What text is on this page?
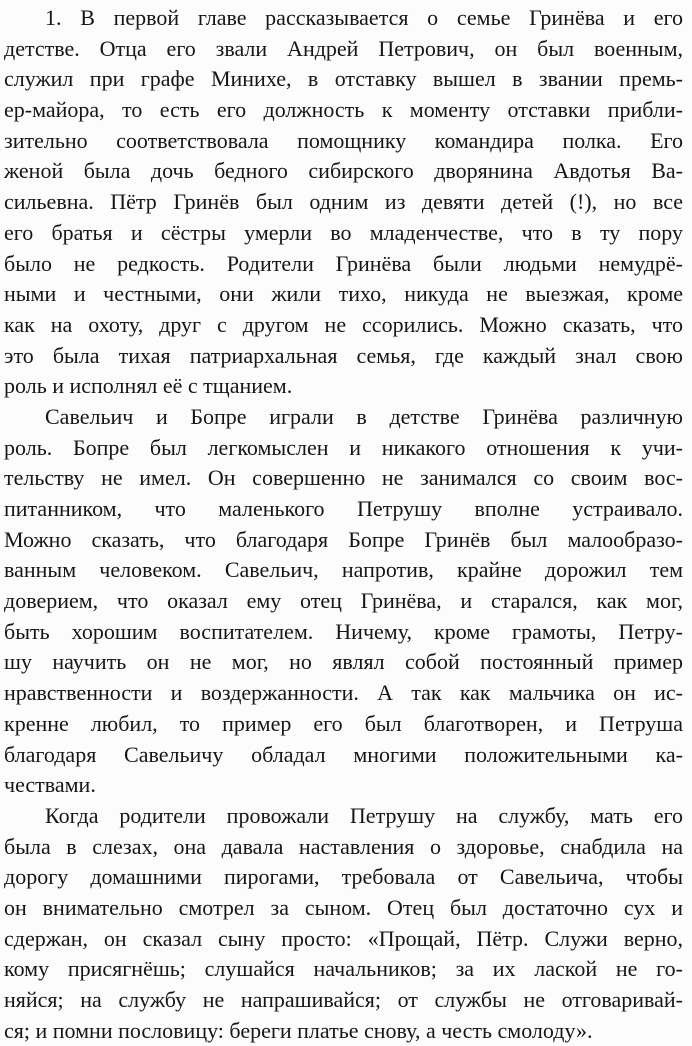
1. В первой главе рассказывается о семье Гринёва и его
детстве. Отца его звали Андрей Петрович, он был военным,
служил при графе Минихе, в отставку вышел в звании премь-
ер-майора, то есть его должность к моменту отставки прибли-
зительно соответствовала помощнику командира полка. Его
женой была дочь бедного сибирского дворянина Авдотья Ва-
сильевна. Пётр Гринёв был одним из девяти детей (!), но все
его братья и сёстры умерли во младенчестве, что в ту пору
было не редкость. Родители Гринёва были людьми немудрё-
ными и честными, они жили тихо, никуда не выезжая, кроме
как на охоту, друг с другом не ссорились. Можно сказать, что
это была тихая патриархальная семья, где каждый знал свою
роль и исполнял её с тщанием.
Савельич и Бопре играли в детстве Гринёва различную
роль. Бопре был легкомыслен и никакого отношения к учи-
тельству не имел. Он совершенно не занимался со своим вос-
питанником, что маленького Петрушу вполне устраивало.
Можно сказать, что благодаря Бопре Гринёв был малообразо-
ванным человеком. Савельич, напротив, крайне дорожил тем
доверием, что оказал ему отец Гринёва, и старался, как мог,
быть хорошим воспитателем. Ничему, кроме грамоты, Петру-
шу научить он не мог, но являл собой постоянный пример
нравственности и воздержанности. А так как мальчика он ис-
кренне любил, то пример его был благотворен, и Петруша
благодаря Савельичу обладал многими положительными ка-
чествами.
Когда родители провожали Петрушу на службу, мать его
была в слезах, она давала наставления о здоровье, снабдила на
дорогу домашними пирогами, требовала от Савельича, чтобы
он внимательно смотрел за сыном. Отец был достаточно сух и
сдержан, он сказал сыну просто: «Прощай, Пётр. Служи верно,
кому присягнёшь; слушайся начальников; за их лаской не го-
няйся; на службу не напрашивайся; от службы не отговаривай-
ся; и помни пословицу: береги платье снову, а честь смолоду».
